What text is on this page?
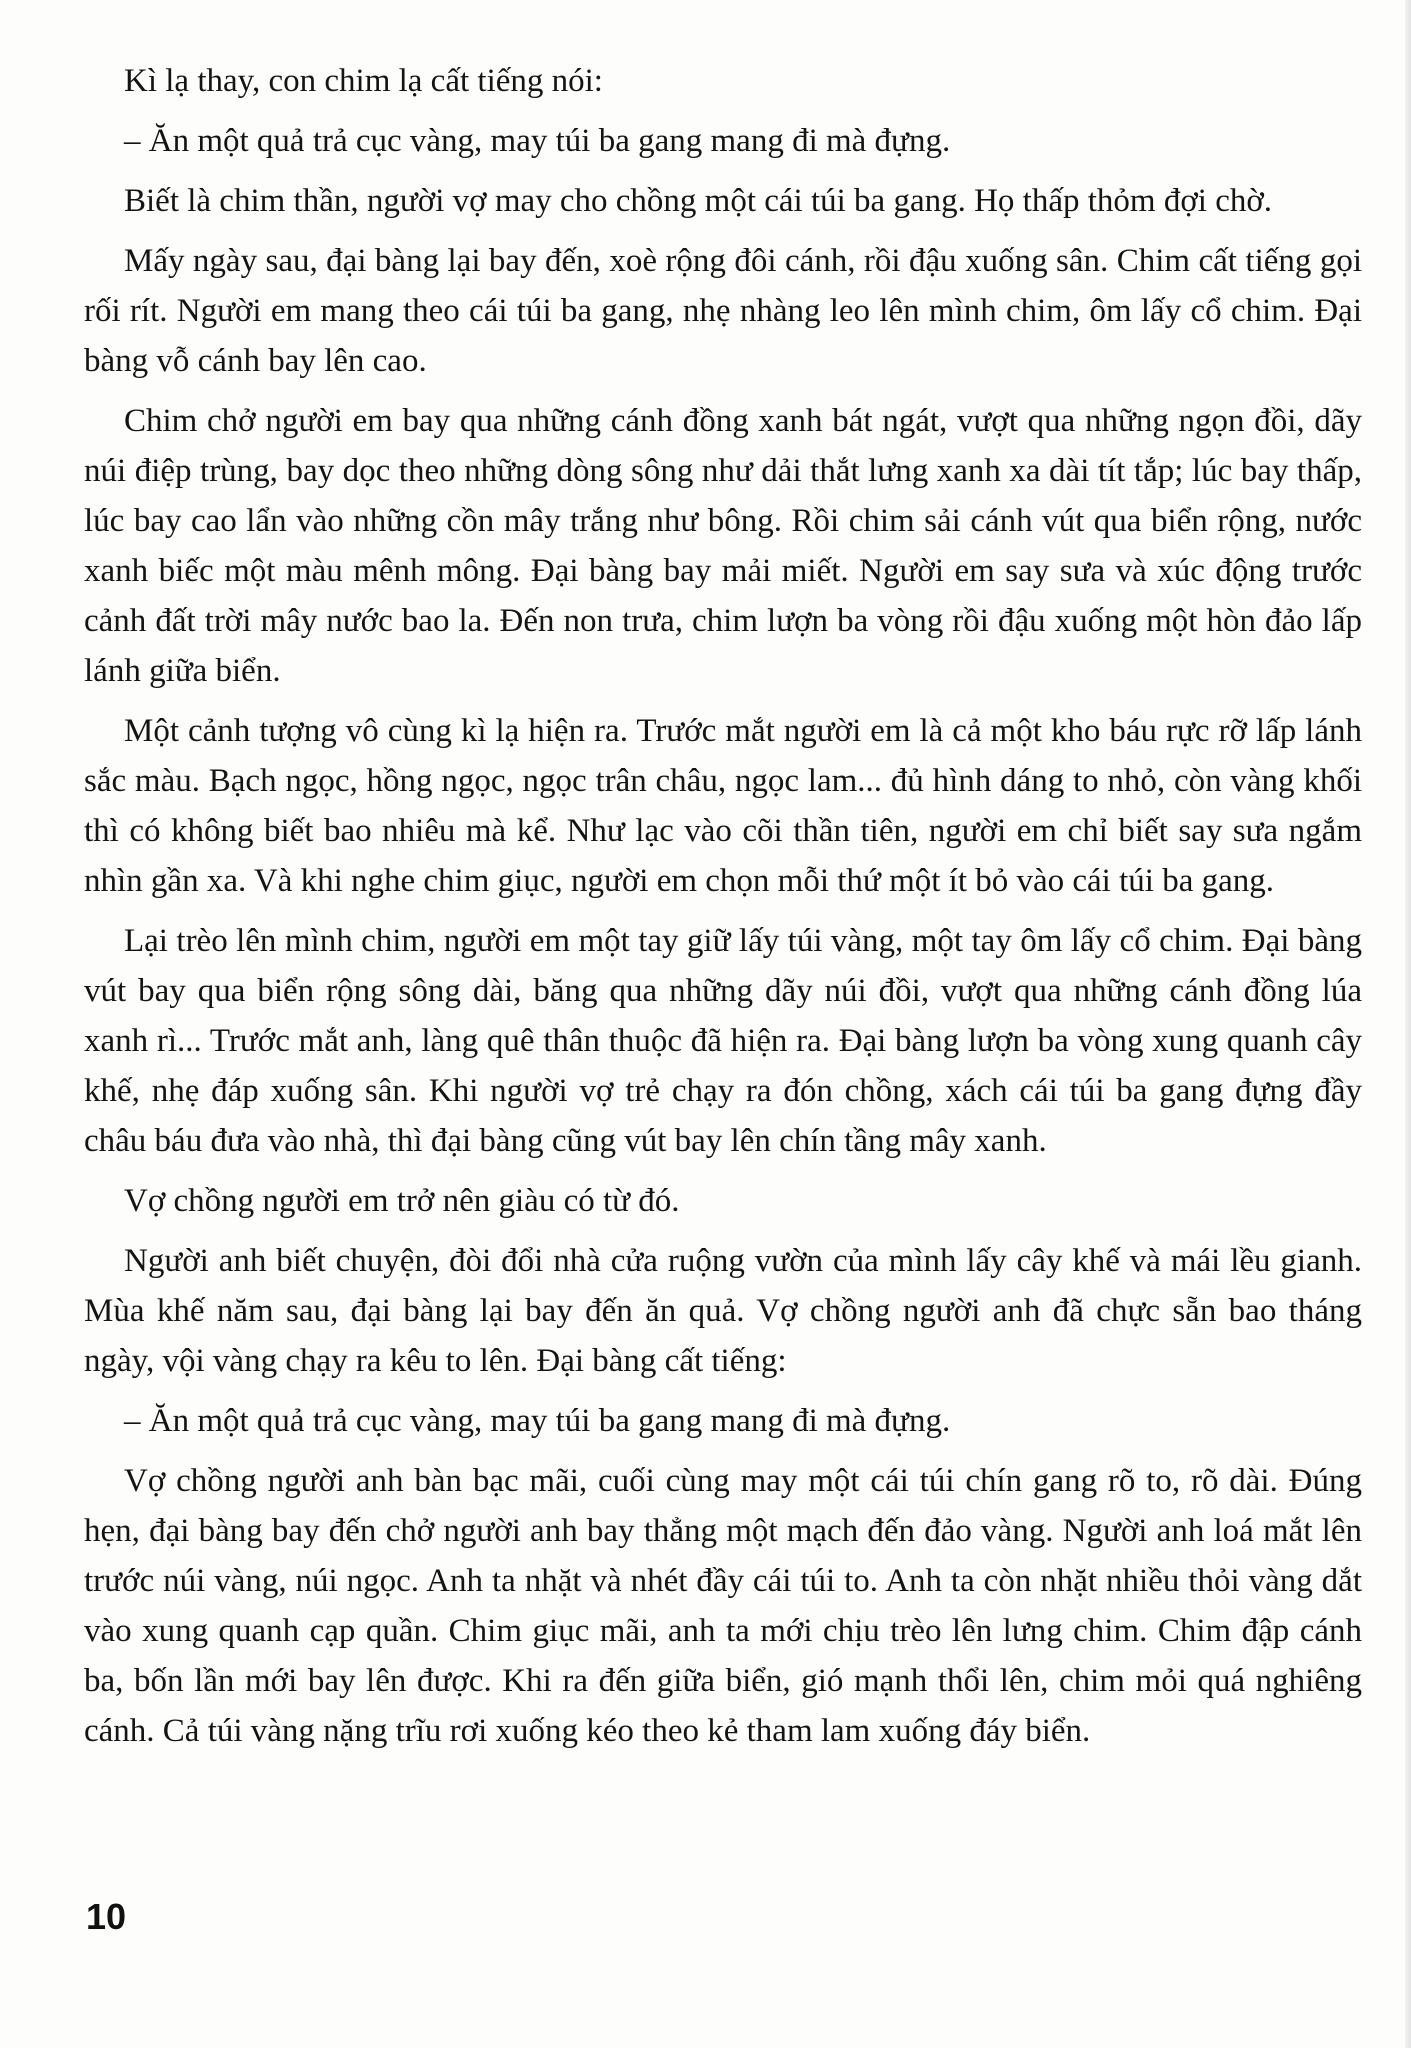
Kì lạ thay, con chim lạ cất tiếng nói:

– Ăn một quả trả cục vàng, may túi ba gang mang đi mà đựng.

Biết là chim thần, người vợ may cho chồng một cái túi ba gang. Họ thấp thỏm đợi chờ.

Mấy ngày sau, đại bàng lại bay đến, xoè rộng đôi cánh, rồi đậu xuống sân. Chim cất tiếng gọi rối rít. Người em mang theo cái túi ba gang, nhẹ nhàng leo lên mình chim, ôm lấy cổ chim. Đại bàng vỗ cánh bay lên cao.

Chim chở người em bay qua những cánh đồng xanh bát ngát, vượt qua những ngọn đồi, dãy núi điệp trùng, bay dọc theo những dòng sông như dải thắt lưng xanh xa dài tít tắp; lúc bay thấp, lúc bay cao lẩn vào những cồn mây trắng như bông. Rồi chim sải cánh vút qua biển rộng, nước xanh biếc một màu mênh mông. Đại bàng bay mải miết. Người em say sưa và xúc động trước cảnh đất trời mây nước bao la. Đến non trưa, chim lượn ba vòng rồi đậu xuống một hòn đảo lấp lánh giữa biển.

Một cảnh tượng vô cùng kì lạ hiện ra. Trước mắt người em là cả một kho báu rực rỡ lấp lánh sắc màu. Bạch ngọc, hồng ngọc, ngọc trân châu, ngọc lam... đủ hình dáng to nhỏ, còn vàng khối thì có không biết bao nhiêu mà kể. Như lạc vào cõi thần tiên, người em chỉ biết say sưa ngắm nhìn gần xa. Và khi nghe chim giục, người em chọn mỗi thứ một ít bỏ vào cái túi ba gang.

Lại trèo lên mình chim, người em một tay giữ lấy túi vàng, một tay ôm lấy cổ chim. Đại bàng vút bay qua biển rộng sông dài, băng qua những dãy núi đồi, vượt qua những cánh đồng lúa xanh rì... Trước mắt anh, làng quê thân thuộc đã hiện ra. Đại bàng lượn ba vòng xung quanh cây khế, nhẹ đáp xuống sân. Khi người vợ trẻ chạy ra đón chồng, xách cái túi ba gang đựng đầy châu báu đưa vào nhà, thì đại bàng cũng vút bay lên chín tầng mây xanh.

Vợ chồng người em trở nên giàu có từ đó.

Người anh biết chuyện, đòi đổi nhà cửa ruộng vườn của mình lấy cây khế và mái lều gianh. Mùa khế năm sau, đại bàng lại bay đến ăn quả. Vợ chồng người anh đã chực sẵn bao tháng ngày, vội vàng chạy ra kêu to lên. Đại bàng cất tiếng:

– Ăn một quả trả cục vàng, may túi ba gang mang đi mà đựng.

Vợ chồng người anh bàn bạc mãi, cuối cùng may một cái túi chín gang rõ to, rõ dài. Đúng hẹn, đại bàng bay đến chở người anh bay thẳng một mạch đến đảo vàng. Người anh loá mắt lên trước núi vàng, núi ngọc. Anh ta nhặt và nhét đầy cái túi to. Anh ta còn nhặt nhiều thỏi vàng dắt vào xung quanh cạp quần. Chim giục mãi, anh ta mới chịu trèo lên lưng chim. Chim đập cánh ba, bốn lần mới bay lên được. Khi ra đến giữa biển, gió mạnh thổi lên, chim mỏi quá nghiêng cánh. Cả túi vàng nặng trĩu rơi xuống kéo theo kẻ tham lam xuống đáy biển.

10
